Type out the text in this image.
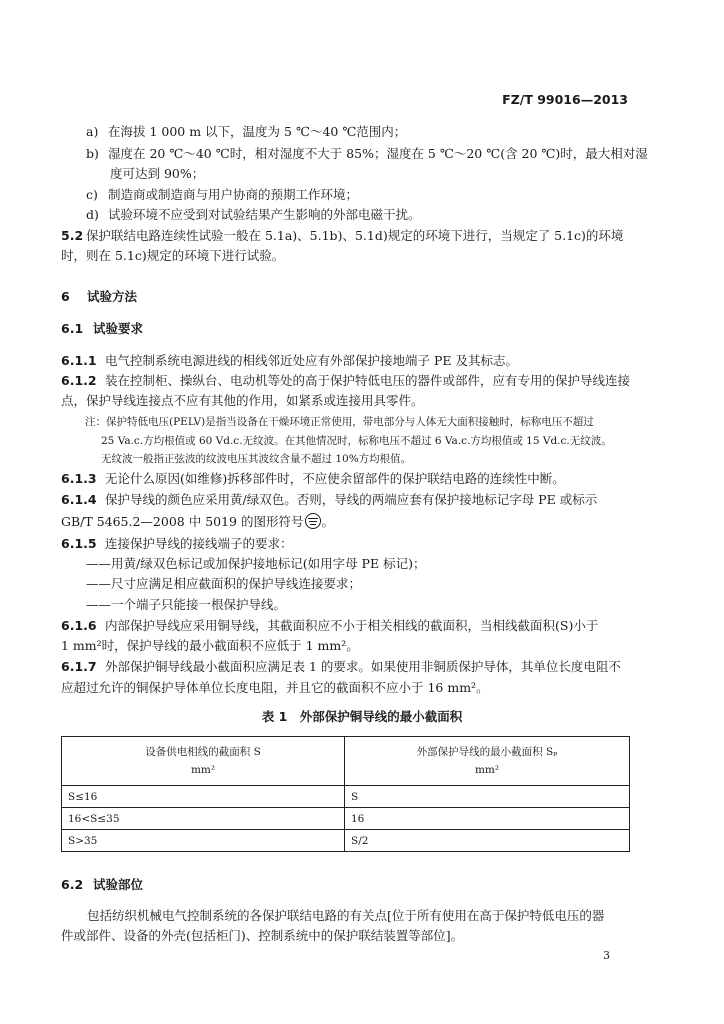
FZ/T 99016—2013
a) 在海拔 1 000 m 以下，温度为 5 ℃～40 ℃范围内；
b) 湿度在 20 ℃～40 ℃时，相对湿度不大于 85%；湿度在 5 ℃～20 ℃(含 20 ℃)时，最大相对湿
度可达到 90%；
c) 制造商或制造商与用户协商的预期工作环境；
d) 试验环境不应受到对试验结果产生影响的外部电磁干扰。
5.2 保护联结电路连续性试验一般在 5.1a)、5.1b)、5.1d)规定的环境下进行，当规定了 5.1c)的环境
时，则在 5.1c)规定的环境下进行试验。
6 试验方法
6.1 试验要求
6.1.1 电气控制系统电源进线的相线邻近处应有外部保护接地端子 PE 及其标志。
6.1.2 装在控制柜、操纵台、电动机等处的高于保护特低电压的器件或部件，应有专用的保护导线连接
点，保护导线连接点不应有其他的作用，如紧系或连接用具零件。
注：保护特低电压(PELV)是指当设备在干燥环境正常使用，带电部分与人体无大面积接触时，标称电压不超过
25 Va.c.方均根值或 60 Vd.c.无纹波。在其他情况时，标称电压不超过 6 Va.c.方均根值或 15 Vd.c.无纹波。
无纹波一般指正弦波的纹波电压其波纹含量不超过 10%方均根值。
6.1.3 无论什么原因(如维修)拆移部件时，不应使余留部件的保护联结电路的连续性中断。
6.1.4 保护导线的颜色应采用黄/绿双色。否则，导线的两端应套有保护接地标记字母 PE 或标示
GB/T 5465.2—2008 中 5019 的图形符号 。
6.1.5 连接保护导线的接线端子的要求：
——用黄/绿双色标记或加保护接地标记(如用字母 PE 标记)；
——尺寸应满足相应截面积的保护导线连接要求；
——一个端子只能接一根保护导线。
6.1.6 内部保护导线应采用铜导线，其截面积应不小于相关相线的截面积，当相线截面积(S)小于
1 mm²时，保护导线的最小截面积不应低于 1 mm²。
6.1.7 外部保护铜导线最小截面积应满足表 1 的要求。如果使用非铜质保护导体，其单位长度电阻不
应超过允许的铜保护导体单位长度电阻，并且它的截面积不应小于 16 mm²。
表 1　外部保护铜导线的最小截面积
设备供电相线的截面积 S
mm²	外部保护导线的最小截面积 Sₚ
mm²
S≤16	S
16<S≤35	16
S>35	S/2
6.2 试验部位
包括纺织机械电气控制系统的各保护联结电路的有关点[位于所有使用在高于保护特低电压的器
件或部件、设备的外壳(包括柜门)、控制系统中的保护联结装置等部位]。
3
